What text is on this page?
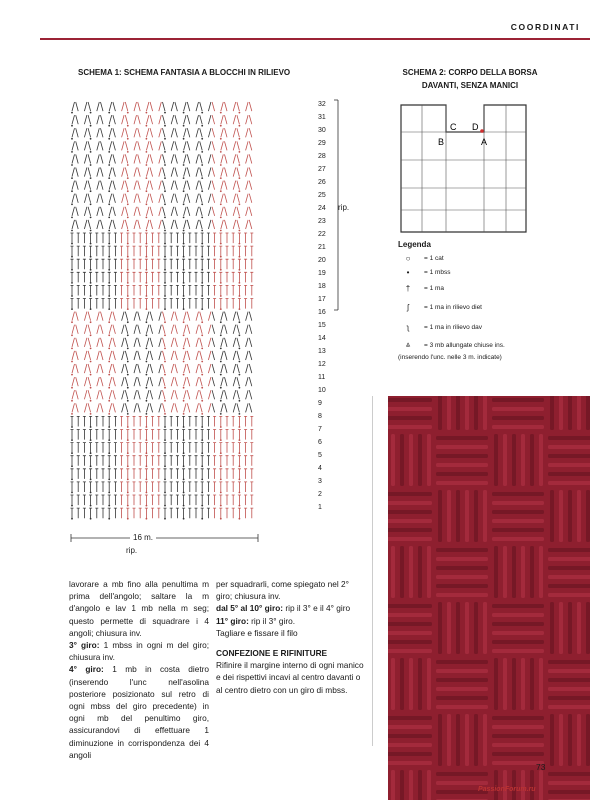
COORDINATI
SCHEMA 1: SCHEMA FANTASIA A BLOCCHI IN RILIEVO
32
31
30
29
28
27
26
25
24
23
22
21
20
19
18
17
16
15
14
13
12
11
10
9
8
7
6
5
4
3
2
1
rip.
16 m.
rip.
SCHEMA 2: CORPO DELLA BORSA
DAVANTI, SENZA MANICI
C D
B	A
Legenda
○	= 1 cat
•	= 1 mbss
†	= 1 ma
ʃ	= 1 ma in rilievo diet
ʅ	= 1 ma in rilievo dav
⩓	= 3 mb allungate chiuse ins.
(inserendo l'unc. nelle 3 m. indicate)

lavorare a mb fino alla penultima m prima dell'angolo; saltare la m d'angolo e lav 1 mb nella m seg; questo permette di squadrare i 4 angoli; chiusura inv.

3° giro: 1 mbss in ogni m del giro; chiusura inv.

4° giro: 1 mb in costa dietro (inserendo l'unc nell'asolina posteriore posizionato sul retro di ogni mbss del giro precedente) in ogni mb del penultimo giro, assicurandovi di effettuare 1 diminuzione in corrispondenza dei 4 angoli

per squadrarli, come spiegato nel 2° giro; chiusura inv.

dal 5° al 10° giro: rip il 3° e il 4° giro

11° giro: rip il 3° giro.

Tagliare e fissare il filo

CONFEZIONE E RIFINITURE

Rifinire il margine interno di ogni manico e dei rispettivi incavi al centro davanti o al centro dietro con un giro di mbss.

73
PassionForum.ru
